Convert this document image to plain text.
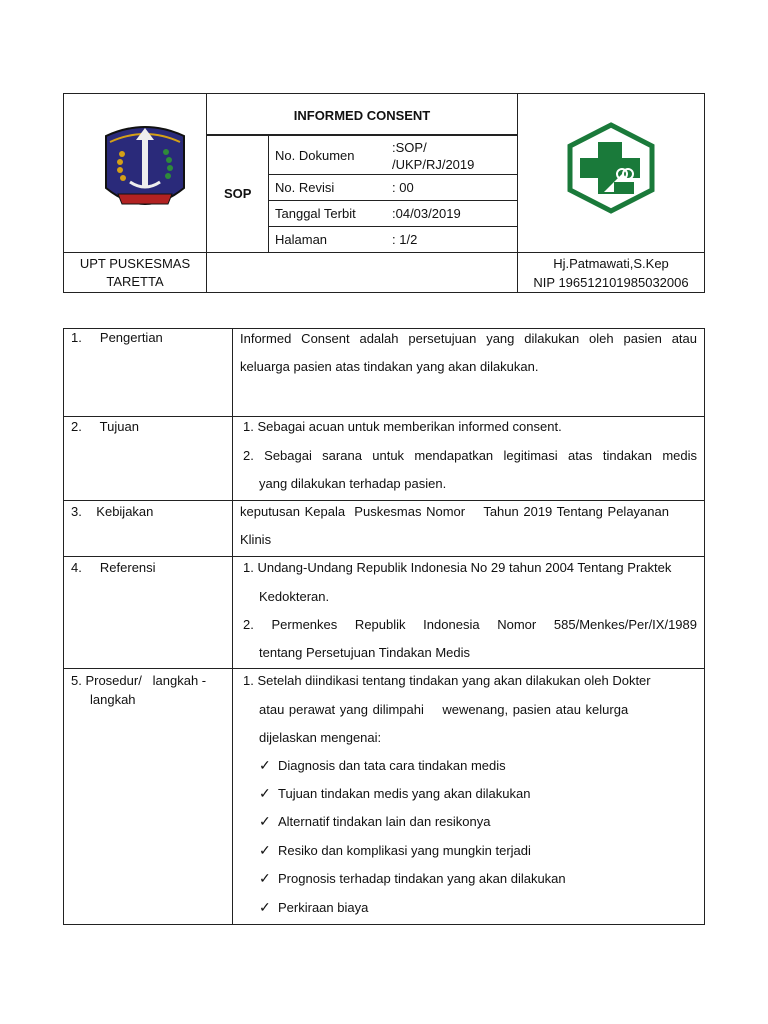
INFORMED CONSENT
SOP
No. Dokumen
:SOP/
/UKP/RJ/2019
No. Revisi	: 00
Tanggal Terbit	:04/03/2019
Halaman	: 1/2
UPT PUSKESMAS
TARETTA
Hj.Patmawati,S.Kep
NIP 196512101985032006
1.     Pengertian	Informed Consent adalah persetujuan yang dilakukan oleh pasien atau
keluarga pasien atas tindakan yang akan dilakukan.
2.     Tujuan	1. Sebagai acuan untuk memberikan informed consent.
2. Sebagai sarana untuk mendapatkan legitimasi atas tindakan medis
yang dilakukan terhadap pasien.
3.    Kebijakan	keputusan Kepala  Puskesmas Nomor    Tahun 2019 Tentang Pelayanan
Klinis
4.     Referensi	1. Undang-Undang Republik Indonesia No 29 tahun 2004 Tentang Praktek
Kedokteran.
2. Permenkes Republik Indonesia Nomor 585/Menkes/Per/IX/1989
tentang Persetujuan Tindakan Medis
5. Prosedur/   langkah -
langkah
1. Setelah diindikasi tentang tindakan yang akan dilakukan oleh Dokter
atau perawat yang dilimpahi    wewenang, pasien atau kelurga
dijelaskan mengenai:
✓ Diagnosis dan tata cara tindakan medis
✓ Tujuan tindakan medis yang akan dilakukan
✓ Alternatif tindakan lain dan resikonya
✓ Resiko dan komplikasi yang mungkin terjadi
✓ Prognosis terhadap tindakan yang akan dilakukan
✓ Perkiraan biaya
